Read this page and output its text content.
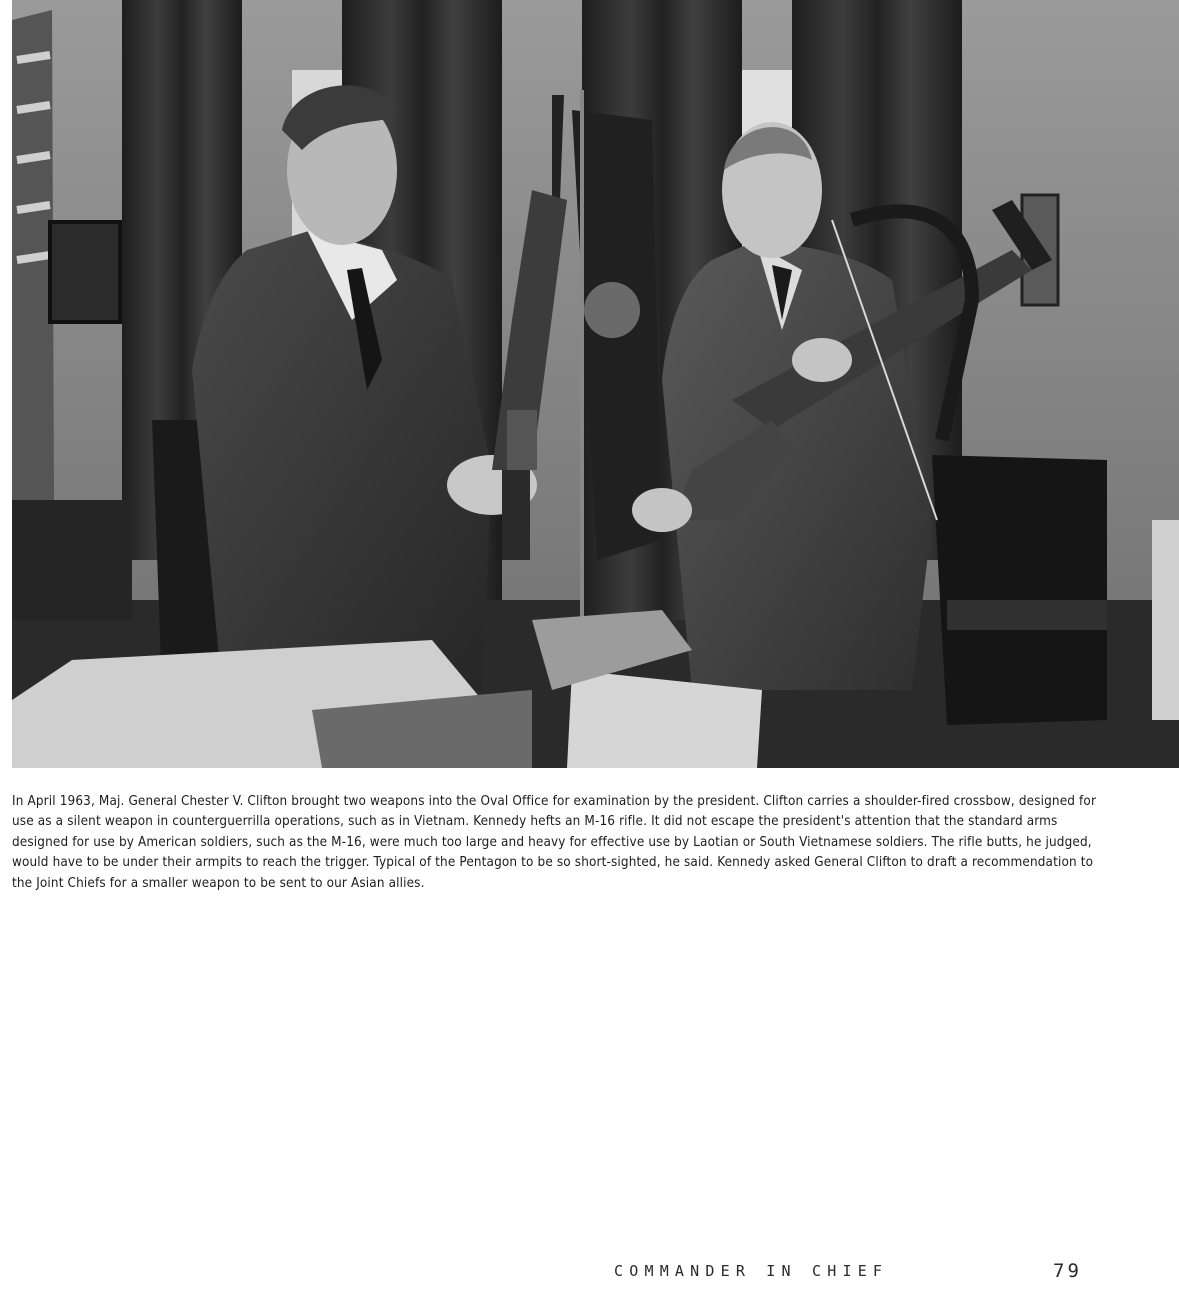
In April 1963, Maj. General Chester V. Clifton brought two weapons into the Oval Office for examination by the president. Clifton carries a shoulder-fired crossbow, designed for use as a silent weapon in counterguerrilla operations, such as in Vietnam. Kennedy hefts an M-16 rifle. It did not escape the president's attention that the standard arms designed for use by American soldiers, such as the M-16, were much too large and heavy for effective use by Laotian or South Vietnamese soldiers. The rifle butts, he judged, would have to be under their armpits to reach the trigger. Typical of the Pentagon to be so short-sighted, he said. Kennedy asked General Clifton to draft a recommendation to the Joint Chiefs for a smaller weapon to be sent to our Asian allies.

COMMANDER IN CHIEF	79
